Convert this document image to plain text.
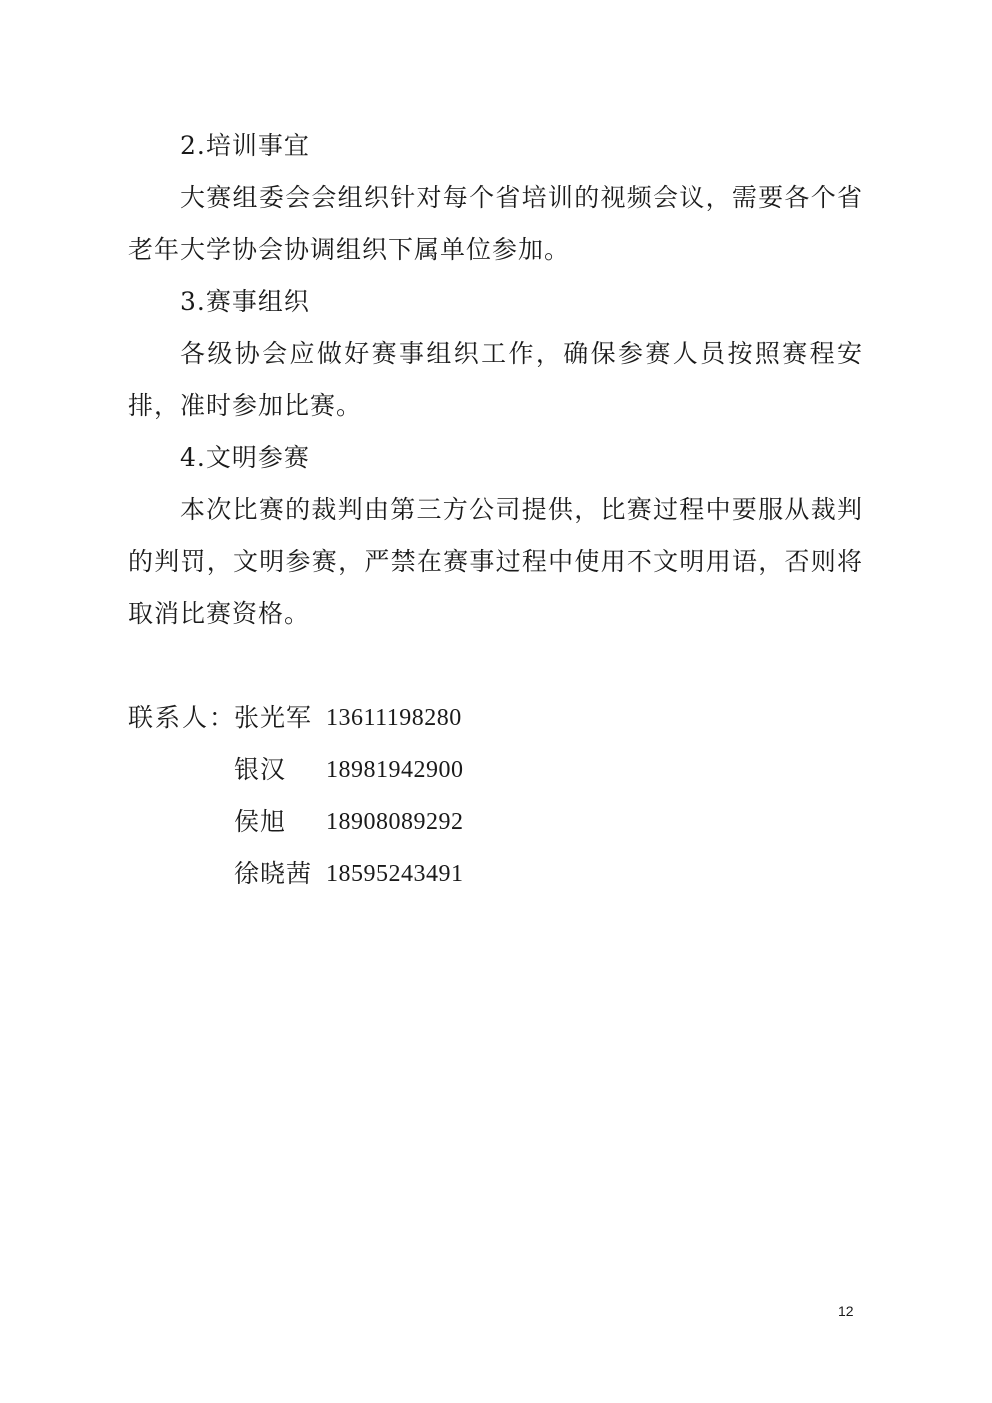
2.培训事宜
大赛组委会会组织针对每个省培训的视频会议，需要各个省
老年大学协会协调组织下属单位参加。
3.赛事组织
各级协会应做好赛事组织工作，确保参赛人员按照赛程安
排，准时参加比赛。
4.文明参赛
本次比赛的裁判由第三方公司提供，比赛过程中要服从裁判
的判罚，文明参赛，严禁在赛事过程中使用不文明用语，否则将
取消比赛资格。
联系人：
张光军 13611198280
银汉 18981942900
侯旭 18908089292
徐晓茜 18595243491
12
